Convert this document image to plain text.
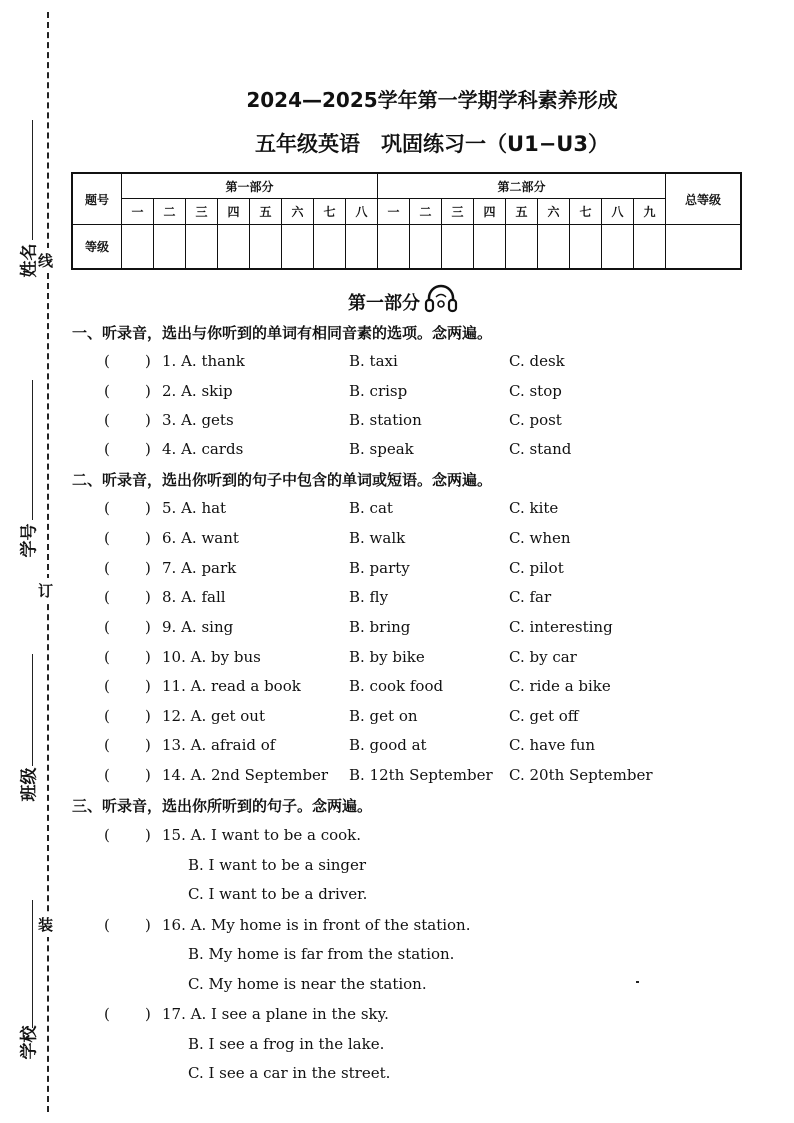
线
订
装
姓名
学号
班级
学校
2024—2025学年第一学期学科素养形成
五年级英语　巩固练习一（U1−U3）
题号	第一部分								第二部分									总等级
	一	二	三	四	五	六	七	八	一	二	三	四	五	六	七	八	九	
等级																		
第一部分
一、听录音，选出与你听到的单词有相同音素的选项。念两遍。
( ) 1. A. thank	B. taxi	C. desk
( ) 2. A. skip	B. crisp	C. stop
( ) 3. A. gets	B. station	C. post
( ) 4. A. cards	B. speak	C. stand
二、听录音，选出你听到的句子中包含的单词或短语。念两遍。
( ) 5. A. hat	B. cat	C. kite
( ) 6. A. want	B. walk	C. when
( ) 7. A. park	B. party	C. pilot
( ) 8. A. fall	B. fly	C. far
( ) 9. A. sing	B. bring	C. interesting
( ) 10. A. by bus	B. by bike	C. by car
( ) 11. A. read a book	B. cook food	C. ride a bike
( ) 12. A. get out	B. get on	C. get off
( ) 13. A. afraid of	B. good at	C. have fun
( ) 14. A. 2nd September B. 12th September C. 20th September
三、听录音，选出你所听到的句子。念两遍。
( ) 15. A. I want to be a cook.
B. I want to be a singer
C. I want to be a driver.
( ) 16. A. My home is in front of the station.
B. My home is far from the station.
C. My home is near the station.
( ) 17. A. I see a plane in the sky.
B. I see a frog in the lake.
C. I see a car in the street.
